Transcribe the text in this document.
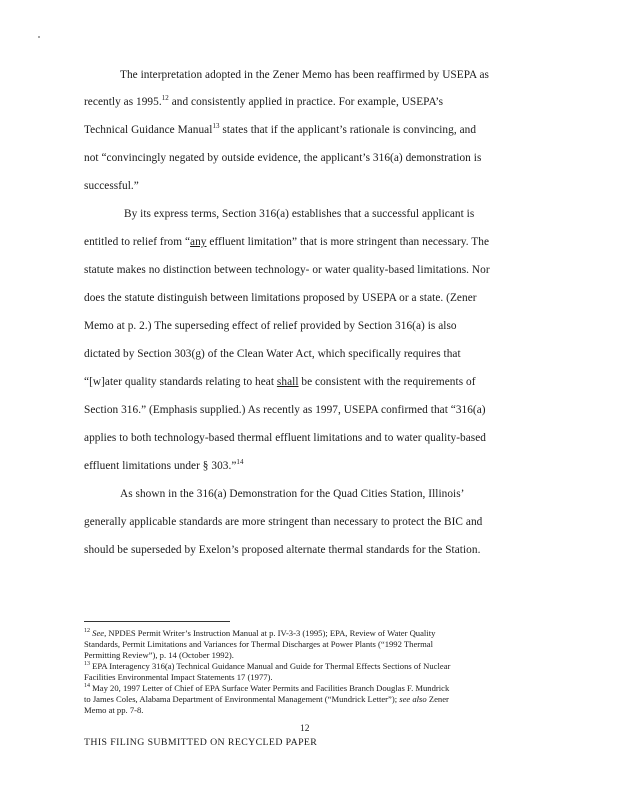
The interpretation adopted in the Zener Memo has been reaffirmed by USEPA as
recently as 1995.12 and consistently applied in practice. For example, USEPA’s
Technical Guidance Manual$^{13}$ states that if the applicant’s rationale is convincing, and
not “convincingly negated by outside evidence, the applicant’s 316(a) demonstration is
successful.”
By its express terms, Section 316(a) establishes that a successful applicant is
entitled to relief from “any effluent limitation” that is more stringent than necessary. The
statute makes no distinction between technology- or water quality-based limitations. Nor
does the statute distinguish between limitations proposed by USEPA or a state. (Zener
Memo at p. 2.) The superseding effect of relief provided by Section 316(a) is also
dictated by Section 303(g) of the Clean Water Act, which specifically requires that
“[w]ater quality standards relating to heat shall be consistent with the requirements of
Section 316.” (Emphasis supplied.) As recently as 1997, USEPA confirmed that “316(a)
applies to both technology-based thermal effluent limitations and to water quality-based
effluent limitations under § 303.”$^{14}$
As shown in the 316(a) Demonstration for the Quad Cities Station, Illinois’
generally applicable standards are more stringent than necessary to protect the BIC and
should be superseded by Exelon’s proposed alternate thermal standards for the Station.
$^{12}$ See, NPDES Permit Writer’s Instruction Manual at p. IV-3-3 (1995); EPA, Review of Water Quality
Standards, Permit Limitations and Variances for Thermal Discharges at Power Plants (“1992 Thermal
Permitting Review”), p. 14 (October 1992).
$^{13}$ EPA Interagency 316(a) Technical Guidance Manual and Guide for Thermal Effects Sections of Nuclear
Facilities Environmental Impact Statements 17 (1977).
$^{14}$ May 20, 1997 Letter of Chief of EPA Surface Water Permits and Facilities Branch Douglas F. Mundrick
to James Coles, Alabama Department of Environmental Management (“Mundrick Letter”); see also Zener
Memo at pp. 7-8.
12
THIS FILING SUBMITTED ON RECYCLED PAPER
